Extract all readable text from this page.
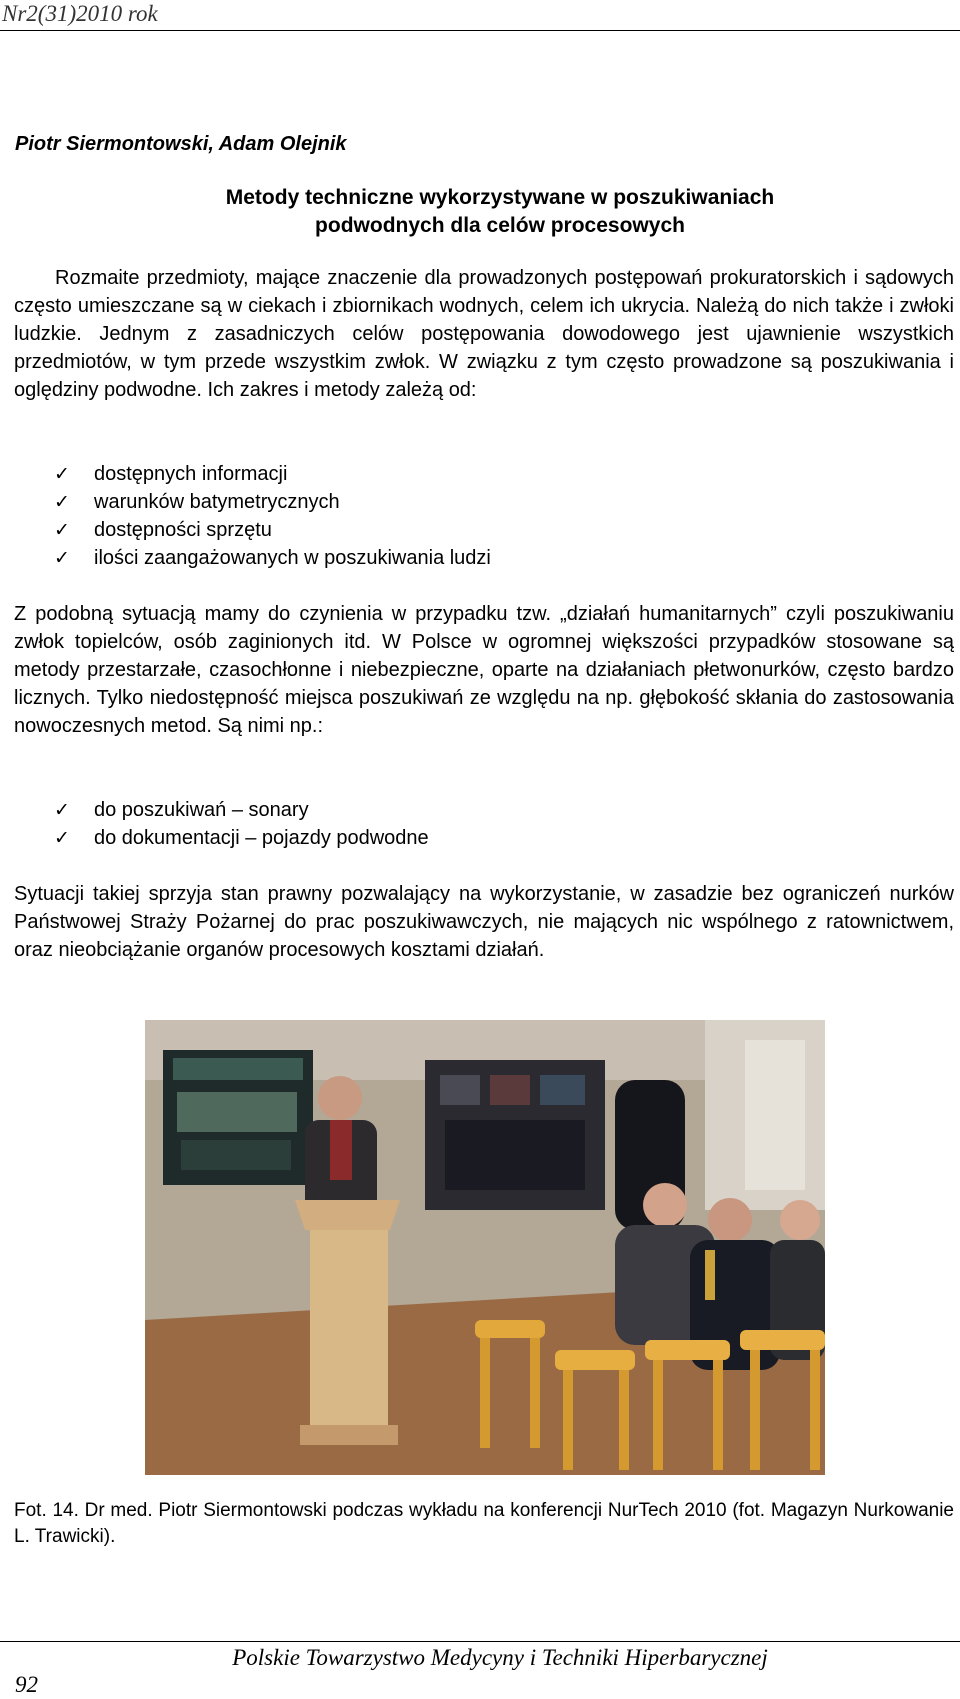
Nr2(31)2010 rok

Piotr Siermontowski, Adam Olejnik

Metody techniczne wykorzystywane w poszukiwaniach
podwodnych dla celów procesowych

Rozmaite przedmioty, mające znaczenie dla prowadzonych postępowań prokuratorskich i sądowych często umieszczane są w ciekach i zbiornikach wodnych, celem ich ukrycia. Należą do nich także i zwłoki ludzkie. Jednym z zasadniczych celów postępowania dowodowego jest ujawnienie wszystkich przedmiotów, w tym przede wszystkim zwłok. W związku z tym często prowadzone są poszukiwania i oględziny podwodne. Ich zakres i metody zależą od:

✓	dostępnych informacji
✓	warunków batymetrycznych
✓	dostępności sprzętu
✓	ilości zaangażowanych w poszukiwania ludzi

Z podobną sytuacją mamy do czynienia w przypadku tzw. „działań humanitarnych” czyli poszukiwaniu zwłok topielców, osób zaginionych itd. W Polsce w ogromnej większości przypadków stosowane są metody przestarzałe, czasochłonne i niebezpieczne, oparte na działaniach płetwonurków, często bardzo licznych. Tylko niedostępność miejsca poszukiwań ze względu na np. głębokość skłania do zastosowania nowoczesnych metod. Są nimi np.:

✓	do poszukiwań – sonary
✓	do dokumentacji – pojazdy podwodne

Sytuacji takiej sprzyja stan prawny pozwalający na wykorzystanie, w zasadzie bez ograniczeń nurków Państwowej Straży Pożarnej do prac poszukiwawczych, nie mających nic wspólnego z ratownictwem, oraz nieobciążanie organów procesowych kosztami działań.

Fot. 14. Dr med. Piotr Siermontowski podczas wykładu na konferencji NurTech 2010 (fot. Magazyn Nurkowanie L. Trawicki).

Polskie Towarzystwo Medycyny i Techniki Hiperbarycznej
92
